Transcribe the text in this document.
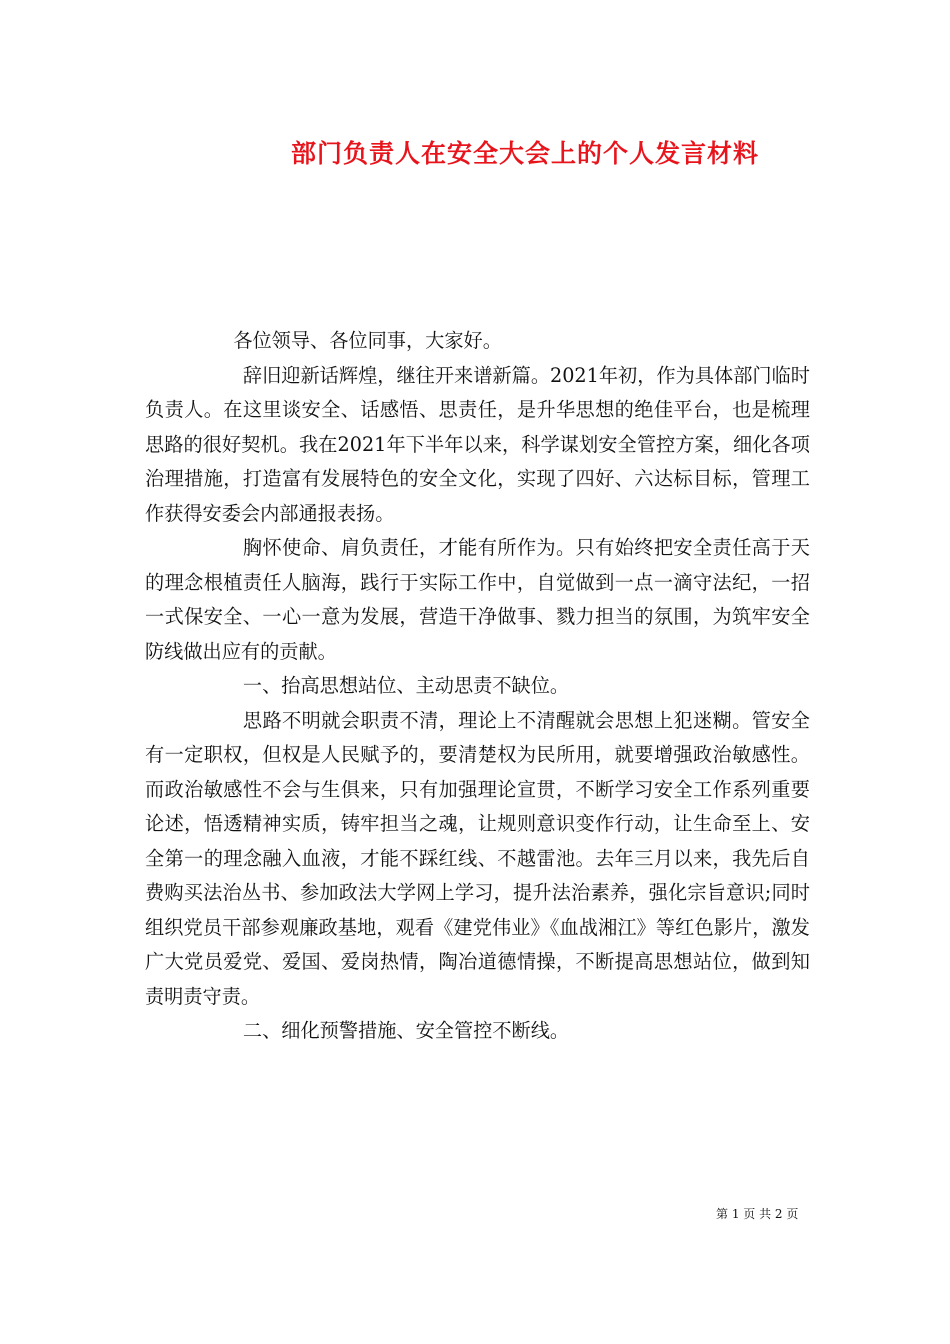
部门负责人在安全大会上的个人发言材料

各位领导、各位同事，大家好。

辞旧迎新话辉煌，继往开来谱新篇。2021年初，作为具体部门临时负责人。在这里谈安全、话感悟、思责任，是升华思想的绝佳平台，也是梳理思路的很好契机。我在2021年下半年以来，科学谋划安全管控方案，细化各项治理措施，打造富有发展特色的安全文化，实现了四好、六达标目标，管理工作获得安委会内部通报表扬。

胸怀使命、肩负责任，才能有所作为。只有始终把安全责任高于天的理念根植责任人脑海，践行于实际工作中，自觉做到一点一滴守法纪，一招一式保安全、一心一意为发展，营造干净做事、戮力担当的氛围，为筑牢安全防线做出应有的贡献。

一、抬高思想站位、主动思责不缺位。

思路不明就会职责不清，理论上不清醒就会思想上犯迷糊。管安全有一定职权，但权是人民赋予的，要清楚权为民所用，就要增强政治敏感性。而政治敏感性不会与生俱来，只有加强理论宣贯，不断学习安全工作系列重要论述，悟透精神实质，铸牢担当之魂，让规则意识变作行动，让生命至上、安全第一的理念融入血液，才能不踩红线、不越雷池。去年三月以来，我先后自费购买法治丛书、参加政法大学网上学习，提升法治素养，强化宗旨意识;同时组织党员干部参观廉政基地，观看《建党伟业》《血战湘江》等红色影片，激发广大党员爱党、爱国、爱岗热情，陶冶道德情操，不断提高思想站位，做到知责明责守责。

二、细化预警措施、安全管控不断线。

第 1 页 共 2 页
